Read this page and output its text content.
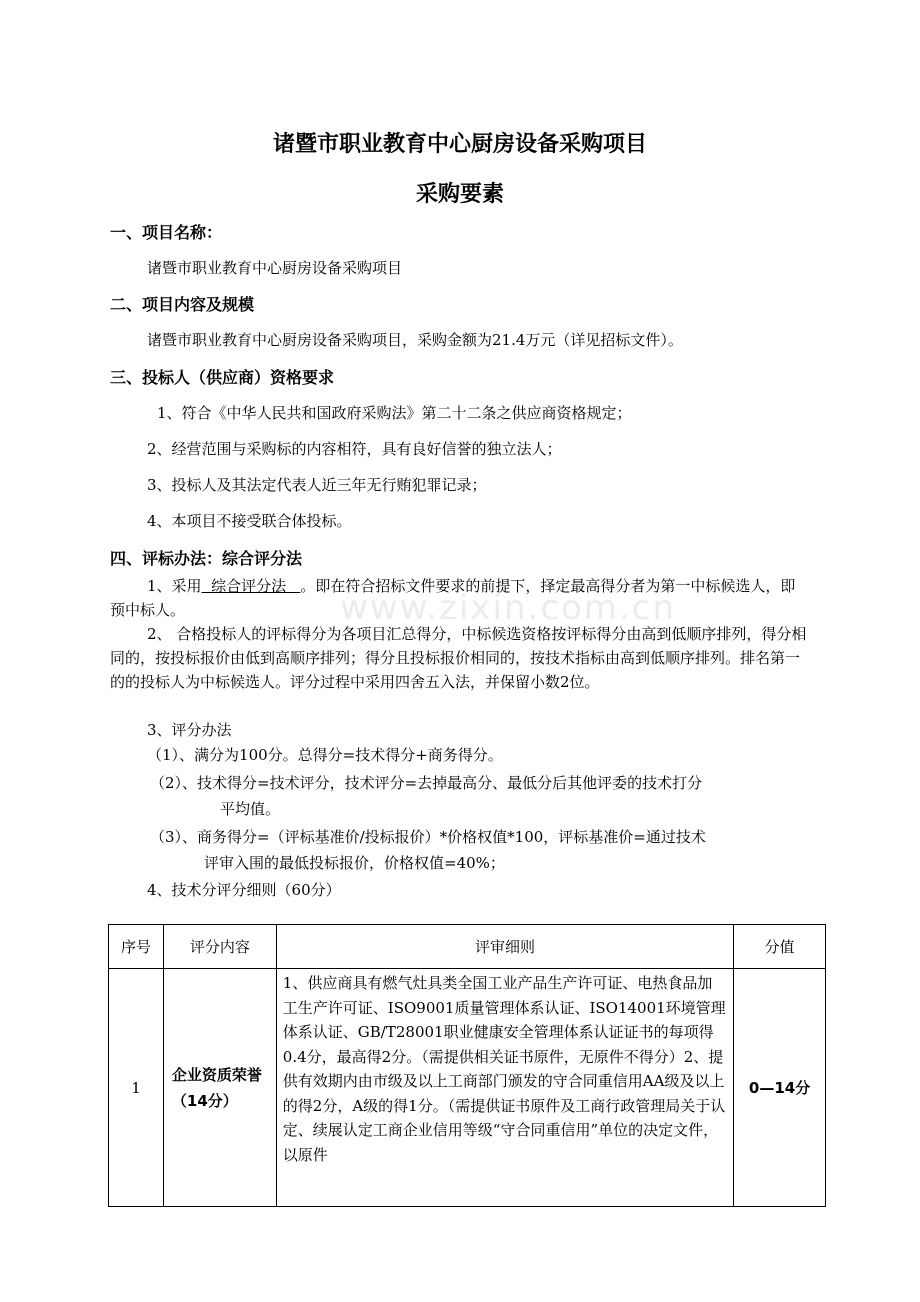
www.zixin.com.cn
诸暨市职业教育中心厨房设备采购项目
采购要素
一、项目名称：
诸暨市职业教育中心厨房设备采购项目
二、项目内容及规模
诸暨市职业教育中心厨房设备采购项目，采购金额为21.4万元（详见招标文件）。
三、投标人（供应商）资格要求
1、符合《中华人民共和国政府采购法》第二十二条之供应商资格规定；
2、经营范围与采购标的内容相符，具有良好信誉的独立法人；
3、投标人及其法定代表人近三年无行贿犯罪记录；
4、本项目不接受联合体投标。
四、评标办法：综合评分法
1、采用  综合评分法   。即在符合招标文件要求的前提下，择定最高得分者为第一中标候选人，即预中标人。
2、 合格投标人的评标得分为各项目汇总得分，中标候选资格按评标得分由高到低顺序排列，得分相同的，按投标报价由低到高顺序排列；得分且投标报价相同的，按技术指标由高到低顺序排列。排名第一的的投标人为中标候选人。评分过程中采用四舍五入法，并保留小数2位。
3、评分办法
（1）、满分为100分。总得分=技术得分+商务得分。
（2）、技术得分=技术评分，技术评分=去掉最高分、最低分后其他评委的技术打分
平均值。
（3）、商务得分=（评标基准价/投标报价）*价格权值*100，评标基准价=通过技术
评审入围的最低投标报价，价格权值=40%；
4、技术分评分细则（60分）
序号	评分内容	评审细则	分值
1	企业资质荣誉（14分）	1、供应商具有燃气灶具类全国工业产品生产许可证、电热食品加工生产许可证、ISO9001质量管理体系认证、ISO14001环境管理体系认证、GB/T28001职业健康安全管理体系认证证书的每项得0.4分，最高得2分。（需提供相关证书原件，无原件不得分）2、提供有效期内由市级及以上工商部门颁发的守合同重信用AA级及以上的得2分，A级的得1分。（需提供证书原件及工商行政管理局关于认定、续展认定工商企业信用等级“守合同重信用”单位的决定文件，以原件	0—14分
